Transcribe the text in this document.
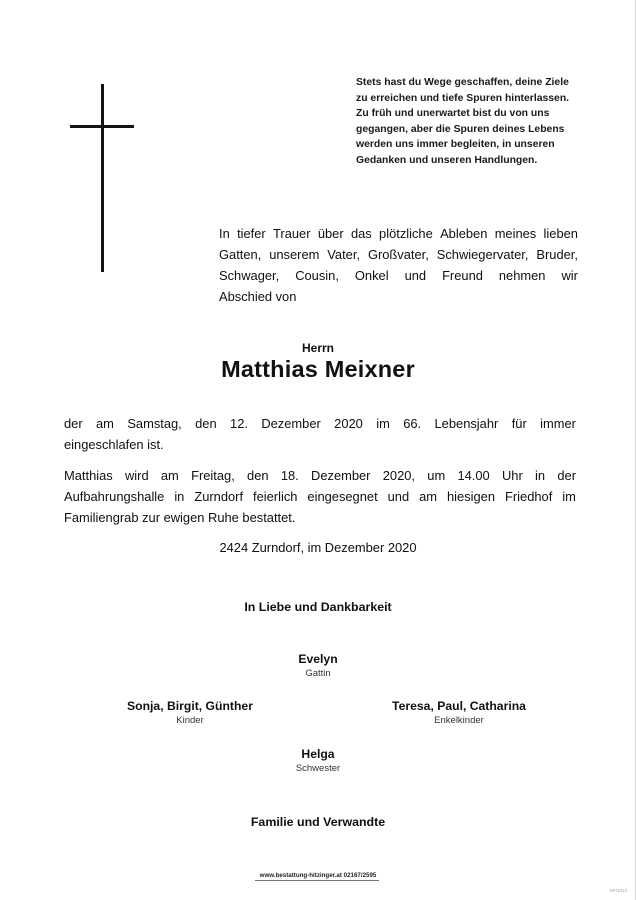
Stets hast du Wege geschaffen, deine Ziele
zu erreichen und tiefe Spuren hinterlassen.
Zu früh und unerwartet bist du von uns
gegangen, aber die Spuren deines Lebens
werden uns immer begleiten, in unseren
Gedanken und unseren Handlungen.
In tiefer Trauer über das plötzliche Ableben meines lieben
Gatten, unserem Vater, Großvater, Schwiegervater, Bruder,
Schwager, Cousin, Onkel und Freund nehmen wir
Abschied von
Herrn
Matthias Meixner
der am Samstag, den 12. Dezember 2020 im 66. Lebensjahr für immer
eingeschlafen ist.
Matthias wird am Freitag, den 18. Dezember 2020, um 14.00 Uhr in der
Aufbahrungshalle in Zurndorf feierlich eingesegnet und am hiesigen Friedhof im
Familiengrab zur ewigen Ruhe bestattet.
2424 Zurndorf, im Dezember 2020
In Liebe und Dankbarkeit
Evelyn
Gattin
Sonja, Birgit, Günther
Kinder
Teresa, Paul, Catharina
Enkelkinder
Helga
Schwester
Familie und Verwandte
www.bestattung-hitzinger.at 02167/2595
OF/1012
